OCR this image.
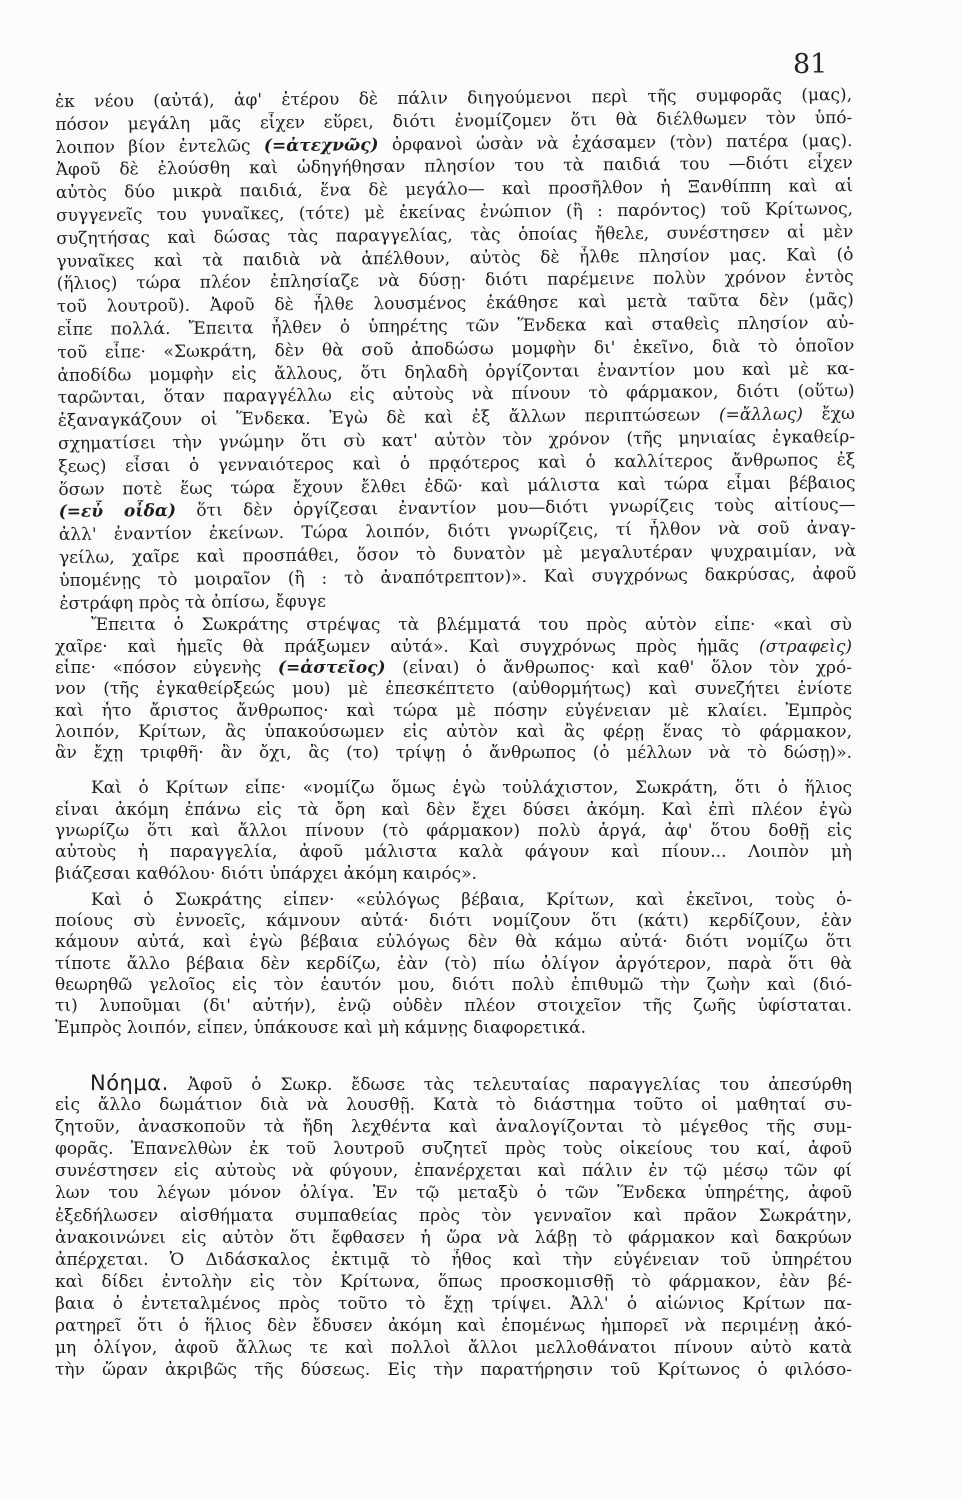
81
ἐκ νέου (αὐτά), ἀφ' ἑτέρου δὲ πάλιν διηγούμενοι περὶ τῆς συμφορᾶς (μας),
πόσον μεγάλη μᾶς εἶχεν εὕρει, διότι ἐνομίζομεν ὅτι θὰ διέλθωμεν τὸν ὑπό-
λοιπον βίον ἐντελῶς (=ἀτεχνῶς) ὀρφανοὶ ὡσὰν νὰ ἐχάσαμεν (τὸν) πατέρα (μας).
Ἀφοῦ δὲ ἐλούσθη καὶ ὡδηγήθησαν πλησίον του τὰ παιδιά του —διότι εἶχεν
αὐτὸς δύο μικρὰ παιδιά, ἕνα δὲ μεγάλο— καὶ προσῆλθον ἡ Ξανθίππη καὶ αἱ
συγγενεῖς του γυναῖκες, (τότε) μὲ ἐκείνας ἐνώπιον (ἢ : παρόντος) τοῦ Κρίτωνος,
συζητήσας καὶ δώσας τὰς παραγγελίας, τὰς ὁποίας ἤθελε, συνέστησεν αἱ μὲν
γυναῖκες καὶ τὰ παιδιὰ νὰ ἀπέλθουν, αὐτὸς δὲ ἦλθε πλησίον μας. Καὶ (ὁ
(ἥλιος) τώρα πλέον ἐπλησίαζε νὰ δύσῃ· διότι παρέμεινε πολὺν χρόνον ἐντὸς
τοῦ λουτροῦ). Ἀφοῦ δὲ ἦλθε λουσμένος ἐκάθησε καὶ μετὰ ταῦτα δὲν (μᾶς)
εἶπε πολλά. Ἔπειτα ἦλθεν ὁ ὑπηρέτης τῶν Ἕνδεκα καὶ σταθεὶς πλησίον αὐ-
τοῦ εἶπε· «Σωκράτη, δὲν θὰ σοῦ ἀποδώσω μομφὴν δι' ἐκεῖνο, διὰ τὸ ὁποῖον
ἀποδίδω μομφὴν εἰς ἄλλους, ὅτι δηλαδὴ ὀργίζονται ἐναντίον μου καὶ μὲ κα-
ταρῶνται, ὅταν παραγγέλλω εἰς αὐτοὺς νὰ πίνουν τὸ φάρμακον, διότι (οὕτω)
ἐξαναγκάζουν οἱ Ἕνδεκα. Ἐγὼ δὲ καὶ ἐξ ἄλλων περιπτώσεων (=ἄλλως) ἔχω
σχηματίσει τὴν γνώμην ὅτι σὺ κατ' αὐτὸν τὸν χρόνον (τῆς μηνιαίας ἐγκαθείρ-
ξεως) εἶσαι ὁ γενναιότερος καὶ ὁ πρᾳότερος καὶ ὁ καλλίτερος ἄνθρωπος ἐξ
ὅσων ποτὲ ἕως τώρα ἔχουν ἔλθει ἐδῶ· καὶ μάλιστα καὶ τώρα εἶμαι βέβαιος
(=εὖ οἶδα) ὅτι δὲν ὀργίζεσαι ἐναντίον μου—διότι γνωρίζεις τοὺς αἰτίους—
ἀλλ' ἐναντίον ἐκείνων. Τώρα λοιπόν, διότι γνωρίζεις, τί ἦλθον νὰ σοῦ ἀναγ-
γείλω, χαῖρε καὶ προσπάθει, ὅσον τὸ δυνατὸν μὲ μεγαλυτέραν ψυχραιμίαν, νὰ
ὑπομένῃς τὸ μοιραῖον (ἢ : τὸ ἀναπότρεπτον)». Καὶ συγχρόνως δακρύσας, ἀφοῦ
ἐστράφη πρὸς τὰ ὀπίσω, ἔφυγε
Ἔπειτα ὁ Σωκράτης στρέψας τὰ βλέμματά του πρὸς αὐτὸν εἶπε· «καὶ σὺ
χαῖρε· καὶ ἡμεῖς θὰ πράξωμεν αὐτά». Καὶ συγχρόνως πρὸς ἡμᾶς (στραφεὶς)
εἶπε· «πόσον εὐγενὴς (=ἀστεῖος) (εἶναι) ὁ ἄνθρωπος· καὶ καθ' ὅλον τὸν χρό-
νον (τῆς ἐγκαθείρξεώς μου) μὲ ἐπεσκέπτετο (αὐθορμήτως) καὶ συνεζήτει ἐνίοτε
καὶ ἦτο ἄριστος ἄνθρωπος· καὶ τώρα μὲ πόσην εὐγένειαν μὲ κλαίει. Ἐμπρὸς
λοιπόν, Κρίτων, ἂς ὑπακούσωμεν εἰς αὐτὸν καὶ ἂς φέρῃ ἕνας τὸ φάρμακον,
ἂν ἔχῃ τριφθῆ· ἂν ὄχι, ἂς (το) τρίψῃ ὁ ἄνθρωπος (ὁ μέλλων νὰ τὸ δώσῃ)».
Καὶ ὁ Κρίτων εἶπε· «νομίζω ὅμως ἐγὼ τοὐλάχιστον, Σωκράτη, ὅτι ὁ ἥλιος
εἶναι ἀκόμη ἐπάνω εἰς τὰ ὄρη καὶ δὲν ἔχει δύσει ἀκόμη. Καὶ ἐπὶ πλέον ἐγὼ
γνωρίζω ὅτι καὶ ἄλλοι πίνουν (τὸ φάρμακον) πολὺ ἀργά, ἀφ' ὅτου δοθῇ εἰς
αὐτοὺς ἡ παραγγελία, ἀφοῦ μάλιστα καλὰ φάγουν καὶ πίουν... Λοιπὸν μὴ
βιάζεσαι καθόλου· διότι ὑπάρχει ἀκόμη καιρός».
Καὶ ὁ Σωκράτης εἶπεν· «εὐλόγως βέβαια, Κρίτων, καὶ ἐκεῖνοι, τοὺς ὁ-
ποίους σὺ ἐννοεῖς, κάμνουν αὐτά· διότι νομίζουν ὅτι (κάτι) κερδίζουν, ἐὰν
κάμουν αὐτά, καὶ ἐγὼ βέβαια εὐλόγως δὲν θὰ κάμω αὐτά· διότι νομίζω ὅτι
τίποτε ἄλλο βέβαια δὲν κερδίζω, ἐὰν (τὸ) πίω ὀλίγον ἀργότερον, παρὰ ὅτι θὰ
θεωρηθῶ γελοῖος εἰς τὸν ἑαυτόν μου, διότι πολὺ ἐπιθυμῶ τὴν ζωὴν καὶ (διό-
τι) λυποῦμαι (δι' αὐτήν), ἐνῷ οὐδὲν πλέον στοιχεῖον τῆς ζωῆς ὑφίσταται.
Ἐμπρὸς λοιπόν, εἶπεν, ὑπάκουσε καὶ μὴ κάμνῃς διαφορετικά.
Νόημα. Ἀφοῦ ὁ Σωκρ. ἔδωσε τὰς τελευταίας παραγγελίας του ἀπεσύρθη
εἰς ἄλλο δωμάτιον διὰ νὰ λουσθῇ. Κατὰ τὸ διάστημα τοῦτο οἱ μαθηταί συ-
ζητοῦν, ἀνασκοποῦν τὰ ἤδη λεχθέντα καὶ ἀναλογίζονται τὸ μέγεθος τῆς συμ-
φορᾶς. Ἐπανελθὼν ἐκ τοῦ λουτροῦ συζητεῖ πρὸς τοὺς οἰκείους του καί, ἀφοῦ
συνέστησεν εἰς αὐτοὺς νὰ φύγουν, ἐπανέρχεται καὶ πάλιν ἐν τῷ μέσῳ τῶν φί
λων του λέγων μόνον ὀλίγα. Ἐν τῷ μεταξὺ ὁ τῶν Ἕνδεκα ὑπηρέτης, ἀφοῦ
ἐξεδήλωσεν αἰσθήματα συμπαθείας πρὸς τὸν γενναῖον καὶ πρᾶον Σωκράτην,
ἀνακοινώνει εἰς αὐτὸν ὅτι ἔφθασεν ἡ ὥρα νὰ λάβῃ τὸ φάρμακον καὶ δακρύων
ἀπέρχεται. Ὁ Διδάσκαλος ἐκτιμᾷ τὸ ἦθος καὶ τὴν εὐγένειαν τοῦ ὑπηρέτου
καὶ δίδει ἐντολὴν εἰς τὸν Κρίτωνα, ὅπως προσκομισθῇ τὸ φάρμακον, ἐὰν βέ-
βαια ὁ ἐντεταλμένος πρὸς τοῦτο τὸ ἔχῃ τρίψει. Ἀλλ' ὁ αἰώνιος Κρίτων πα-
ρατηρεῖ ὅτι ὁ ἥλιος δὲν ἔδυσεν ἀκόμη καὶ ἐπομένως ἠμπορεῖ νὰ περιμένῃ ἀκό-
μη ὀλίγον, ἀφοῦ ἄλλως τε καὶ πολλοὶ ἄλλοι μελλοθάνατοι πίνουν αὐτὸ κατὰ
τὴν ὥραν ἀκριβῶς τῆς δύσεως. Εἰς τὴν παρατήρησιν τοῦ Κρίτωνος ὁ φιλόσο-
